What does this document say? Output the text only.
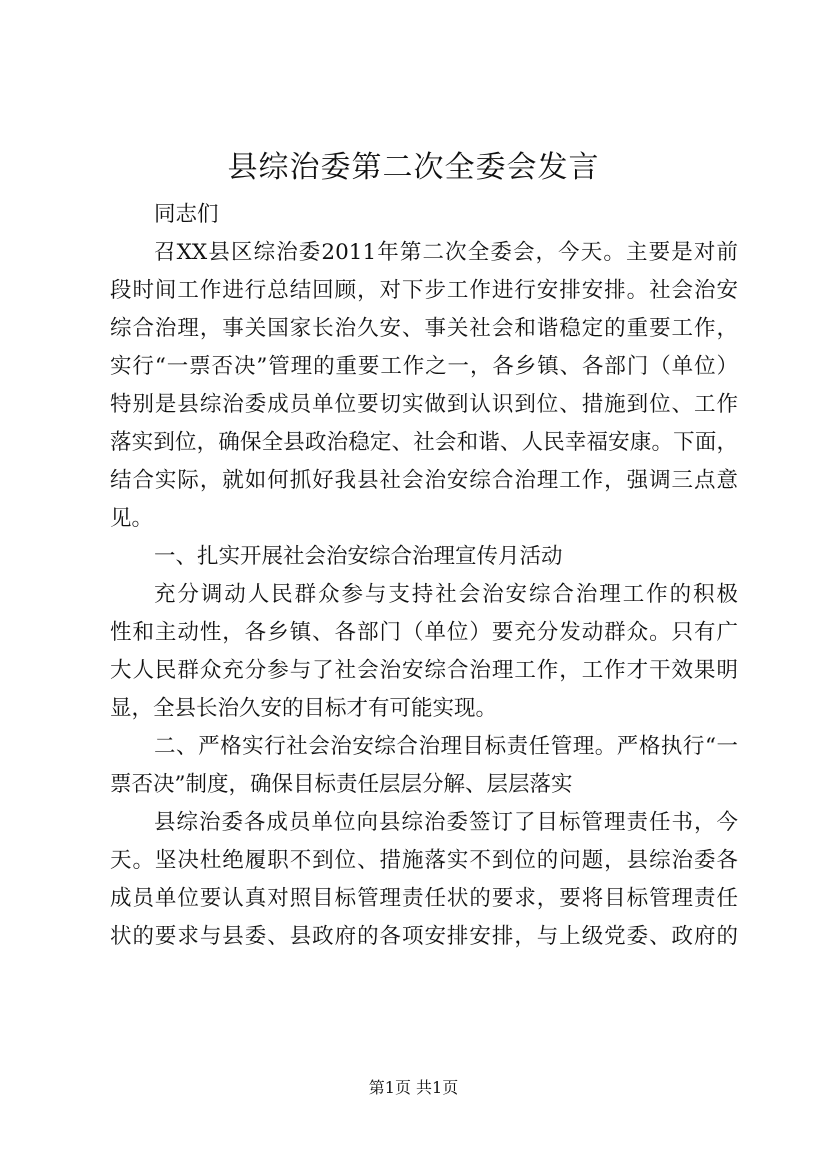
县综治委第二次全委会发言
同志们
召XX县区综治委2011年第二次全委会，今天。主要是对前
段时间工作进行总结回顾，对下步工作进行安排安排。社会治安
综合治理，事关国家长治久安、事关社会和谐稳定的重要工作，
实行“一票否决”管理的重要工作之一，各乡镇、各部门（单位）
特别是县综治委成员单位要切实做到认识到位、措施到位、工作
落实到位，确保全县政治稳定、社会和谐、人民幸福安康。下面，
结合实际，就如何抓好我县社会治安综合治理工作，强调三点意
见。
一、扎实开展社会治安综合治理宣传月活动
充分调动人民群众参与支持社会治安综合治理工作的积极
性和主动性，各乡镇、各部门（单位）要充分发动群众。只有广
大人民群众充分参与了社会治安综合治理工作，工作才干效果明
显，全县长治久安的目标才有可能实现。
二、严格实行社会治安综合治理目标责任管理。严格执行“一
票否决”制度，确保目标责任层层分解、层层落实
县综治委各成员单位向县综治委签订了目标管理责任书，今
天。坚决杜绝履职不到位、措施落实不到位的问题，县综治委各
成员单位要认真对照目标管理责任状的要求，要将目标管理责任
状的要求与县委、县政府的各项安排安排，与上级党委、政府的
第1页 共1页
